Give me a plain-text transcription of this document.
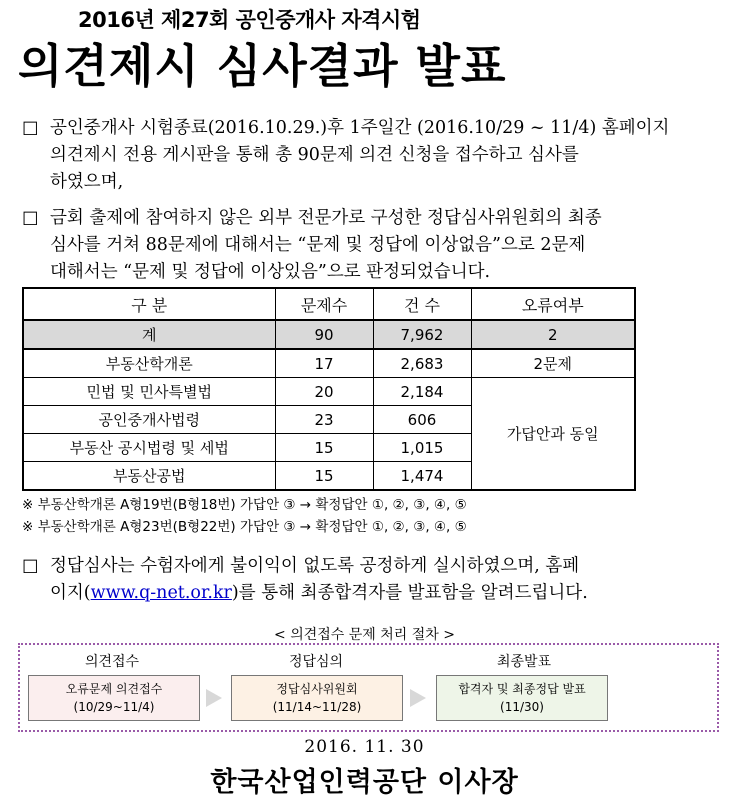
2016년 제27회 공인중개사 자격시험
의견제시 심사결과 발표
□ 공인중개사 시험종료(2016.10.29.)후 1주일간 (2016.10/29 ~ 11/4) 홈페이지
의견제시 전용 게시판을 통해 총 90문제 의견 신청을 접수하고 심사를
하였으며,
□ 금회 출제에 참여하지 않은 외부 전문가로 구성한 정답심사위원회의 최종
심사를 거쳐 88문제에 대해서는 “문제 및 정답에 이상없음”으로 2문제
대해서는 “문제 및 정답에 이상있음”으로 판정되었습니다.
구 분	문제수	건 수	오류여부
계	90	7,962	2
부동산학개론	17	2,683	2문제
민법 및 민사특별법	20	2,184	가답안과 동일
공인중개사법령	23	606	
부동산 공시법령 및 세법	15	1,015	
부동산공법	15	1,474	
※ 부동산학개론 A형19번(B형18번) 가답안 ③ → 확정답안 ①, ②, ③, ④, ⑤
※ 부동산학개론 A형23번(B형22번) 가답안 ③ → 확정답안 ①, ②, ③, ④, ⑤
□ 정답심사는 수험자에게 불이익이 없도록 공정하게 실시하였으며, 홈페
이지(www.q-net.or.kr)를 통해 최종합격자를 발표함을 알려드립니다.
< 의견접수 문제 처리 절차 >
의견접수	정답심의	최종발표
오류문제 의견접수
(10/29~11/4)
정답심사위원회
(11/14~11/28)
합격자 및 최종정답 발표
(11/30)
2016. 11. 30
한국산업인력공단 이사장
